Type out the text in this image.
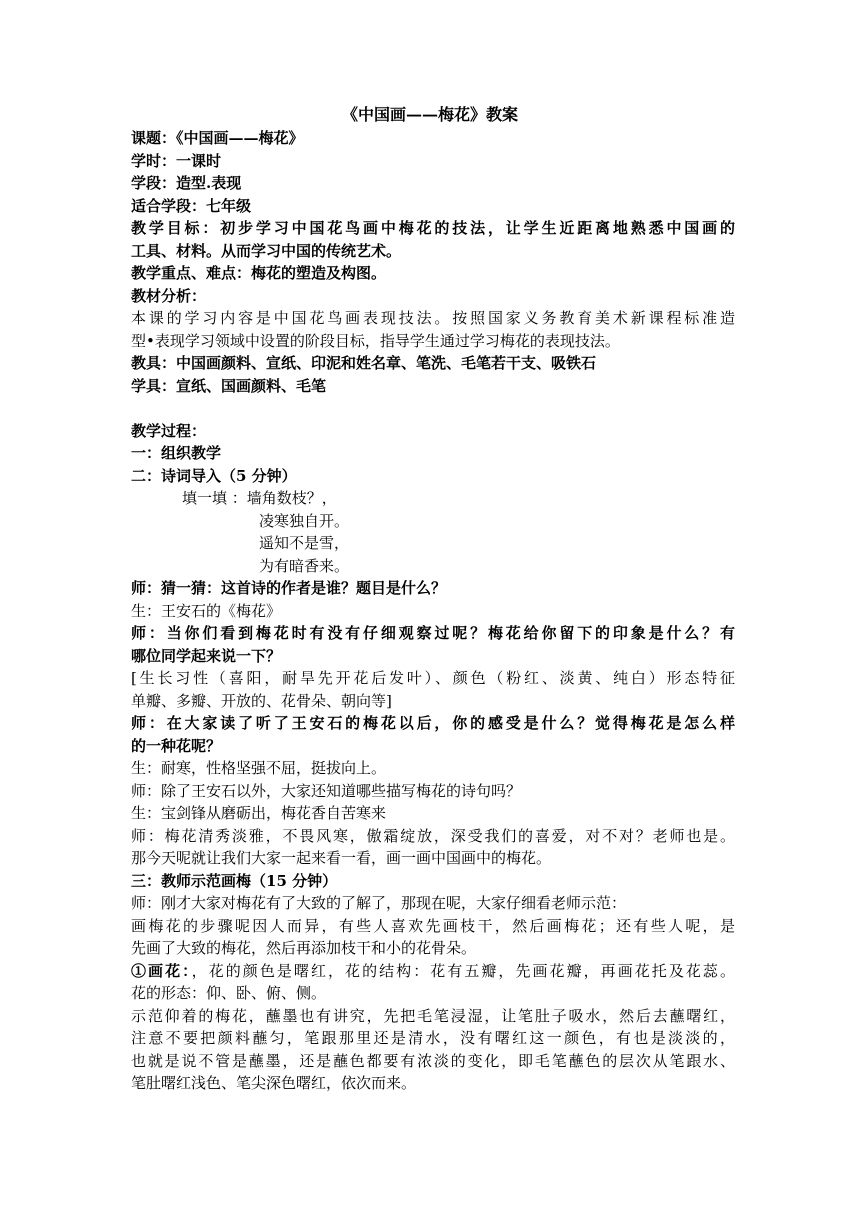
《中国画——梅花》教案
课题：《中国画——梅花》
学时：一课时
学段：造型.表现
适合学段：七年级
教学目标：初步学习中国花鸟画中梅花的技法，让学生近距离地熟悉中国画的
工具、材料。从而学习中国的传统艺术。
教学重点、难点：梅花的塑造及构图。
教材分析：
本课的学习内容是中国花鸟画表现技法。按照国家义务教育美术新课程标准造
型•表现学习领域中设置的阶段目标，指导学生通过学习梅花的表现技法。
教具：中国画颜料、宣纸、印泥和姓名章、笔洗、毛笔若干支、吸铁石
学具：宣纸、国画颜料、毛笔
教学过程：
一：组织教学
二：诗词导入（5 分钟）
填一填 ：墙角数枝？，
凌寒独自开。
遥知不是雪，
为有暗香来。
师：猜一猜：这首诗的作者是谁？题目是什么？
生：王安石的《梅花》
师：当你们看到梅花时有没有仔细观察过呢？梅花给你留下的印象是什么？有
哪位同学起来说一下？
[生长习性（喜阳，耐旱先开花后发叶）、颜色（粉红、淡黄、纯白）形态特征
单瓣、多瓣、开放的、花骨朵、朝向等]
师：在大家读了听了王安石的梅花以后，你的感受是什么？觉得梅花是怎么样
的一种花呢？
生：耐寒，性格坚强不屈，挺拔向上。
师：除了王安石以外，大家还知道哪些描写梅花的诗句吗？
生：宝剑锋从磨砺出，梅花香自苦寒来
师：梅花清秀淡雅，不畏风寒，傲霜绽放，深受我们的喜爱，对不对？老师也是。
那今天呢就让我们大家一起来看一看，画一画中国画中的梅花。
三：教师示范画梅（15 分钟）
师：刚才大家对梅花有了大致的了解了，那现在呢，大家仔细看老师示范：
画梅花的步骤呢因人而异，有些人喜欢先画枝干，然后画梅花；还有些人呢，是
先画了大致的梅花，然后再添加枝干和小的花骨朵。
①画花：，花的颜色是曙红，花的结构：花有五瓣，先画花瓣，再画花托及花蕊。
花的形态：仰、卧、俯、侧。
示范仰着的梅花，蘸墨也有讲究，先把毛笔浸湿，让笔肚子吸水，然后去蘸曙红，
注意不要把颜料蘸匀，笔跟那里还是清水，没有曙红这一颜色，有也是淡淡的，
也就是说不管是蘸墨，还是蘸色都要有浓淡的变化，即毛笔蘸色的层次从笔跟水、
笔肚曙红浅色、笔尖深色曙红，依次而来。
